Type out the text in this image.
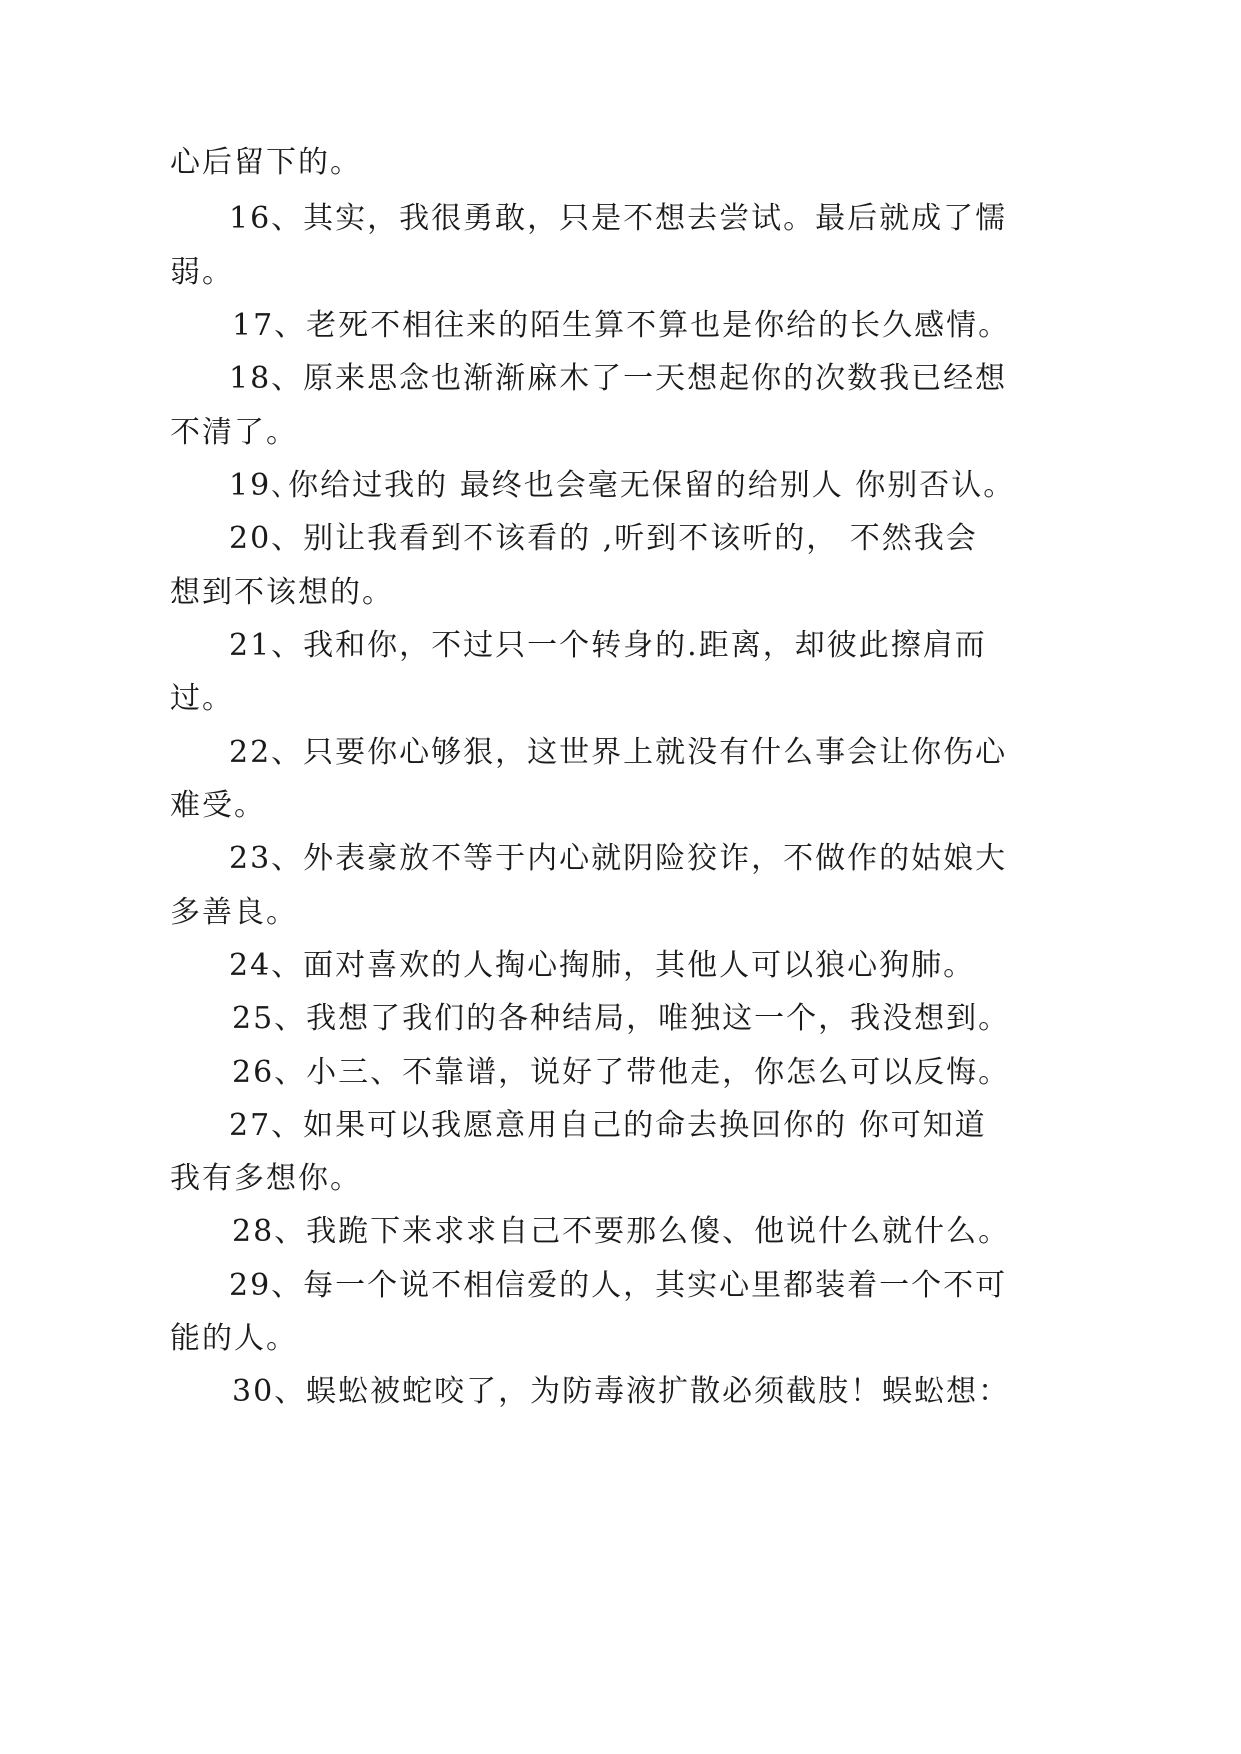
心后留下的。
16、其实，我很勇敢，只是不想去尝试。最后就成了懦
弱。
17、老死不相往来的陌生算不算也是你给的长久感情。
18、原来思念也渐渐麻木了一天想起你的次数我已经想
不清了。
19､你给过我的 最终也会毫无保留的给别人 你别否认。
20、别让我看到不该看的 ,听到不该听的， 不然我会
想到不该想的。
21、我和你，不过只一个转身的.距离，却彼此擦肩而
过。
22、只要你心够狠，这世界上就没有什么事会让你伤心
难受。
23、外表豪放不等于内心就阴险狡诈，不做作的姑娘大
多善良。
24、面对喜欢的人掏心掏肺，其他人可以狼心狗肺。
25、我想了我们的各种结局，唯独这一个，我没想到。
26、小三、不靠谱，说好了带他走，你怎么可以反悔。
27、如果可以我愿意用自己的命去换回你的 你可知道
我有多想你。
28、我跪下来求求自己不要那么傻、他说什么就什么。
29、每一个说不相信爱的人，其实心里都装着一个不可
能的人。
30、蜈蚣被蛇咬了，为防毒液扩散必须截肢！蜈蚣想：
